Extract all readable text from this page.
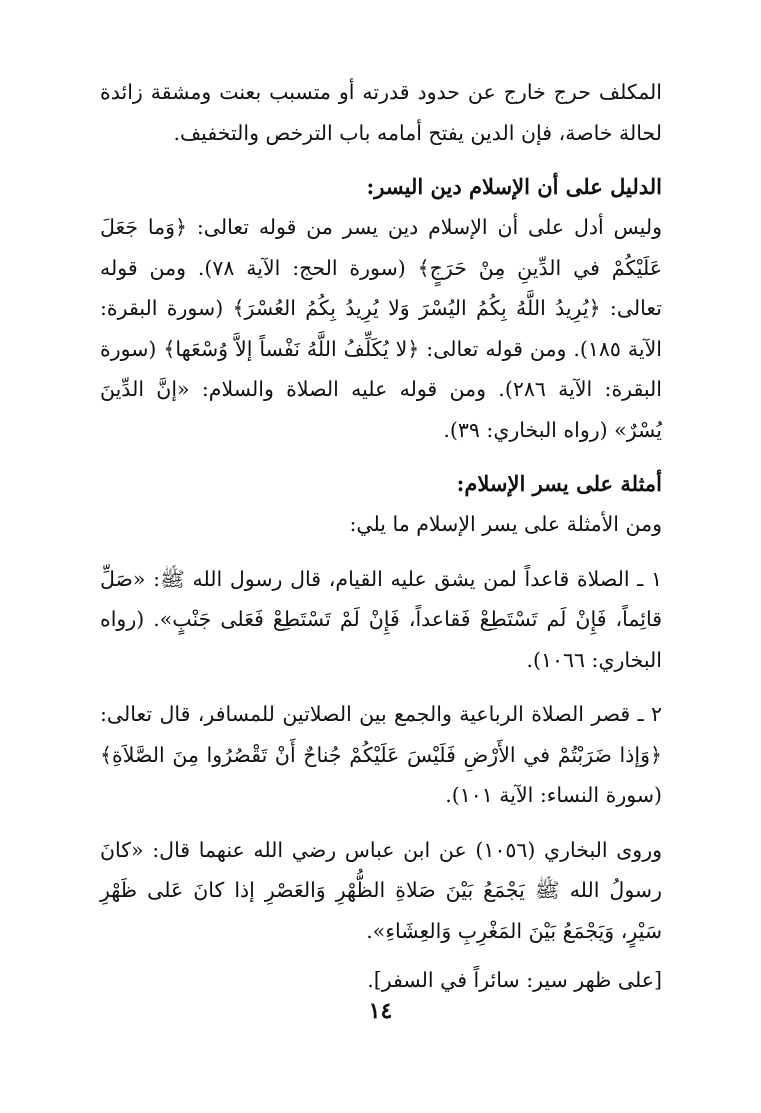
المكلف حرج خارج عن حدود قدرته أو متسبب بعنت ومشقة زائدة لحالة خاصة، فإن الدين يفتح أمامه باب الترخص والتخفيف.

الدليل على أن الإسلام دين اليسر:

وليس أدل على أن الإسلام دين يسر من قوله تعالى: ﴿وَما جَعَلَ عَلَيْكُمْ في الدِّينِ مِنْ حَرَجٍ﴾ (سورة الحج: الآية ٧٨). ومن قوله تعالى: ﴿يُرِيدُ اللَّهُ بِكُمُ اليُسْرَ وَلا يُرِيدُ بِكُمُ العُسْرَ﴾ (سورة البقرة: الآية ١٨٥). ومن قوله تعالى: ﴿لا يُكَلِّفُ اللَّهُ نَفْساً إلاَّ وُسْعَها﴾ (سورة البقرة: الآية ٢٨٦). ومن قوله عليه الصلاة والسلام: «إنَّ الدِّينَ يُسْرٌ» (رواه البخاري: ٣٩).

أمثلة على يسر الإسلام:

ومن الأمثلة على يسر الإسلام ما يلي:

١ ـ الصلاة قاعداً لمن يشق عليه القيام، قال رسول الله ﷺ: «صَلِّ قائِماً، فَإِنْ لَم تَسْتَطِعْ فَقاعداً، فَإِنْ لَمْ تَسْتَطِعْ فَعَلى جَنْبٍ». (رواه البخاري: ١٠٦٦).

٢ ـ قصر الصلاة الرباعية والجمع بين الصلاتين للمسافر، قال تعالى: ﴿وَإذا ضَرَبْتُمْ في الأَرْضِ فَلَيْسَ عَلَيْكُمْ جُناحٌ أَنْ تَقْصُرُوا مِنَ الصَّلاَةِ﴾ (سورة النساء: الآية ١٠١).

وروى البخاري (١٠٥٦) عن ابن عباس رضي الله عنهما قال: «كانَ رسولُ الله ﷺ يَجْمَعُ بَيْنَ صَلاةِ الظُّهْرِ وَالعَصْرِ إذا كانَ عَلى ظَهْرِ سَيْرٍ، وَيَجْمَعُ بَيْنَ المَغْرِبِ وَالعِشَاءِ».

[على ظهر سير: سائراً في السفر].

١٤
